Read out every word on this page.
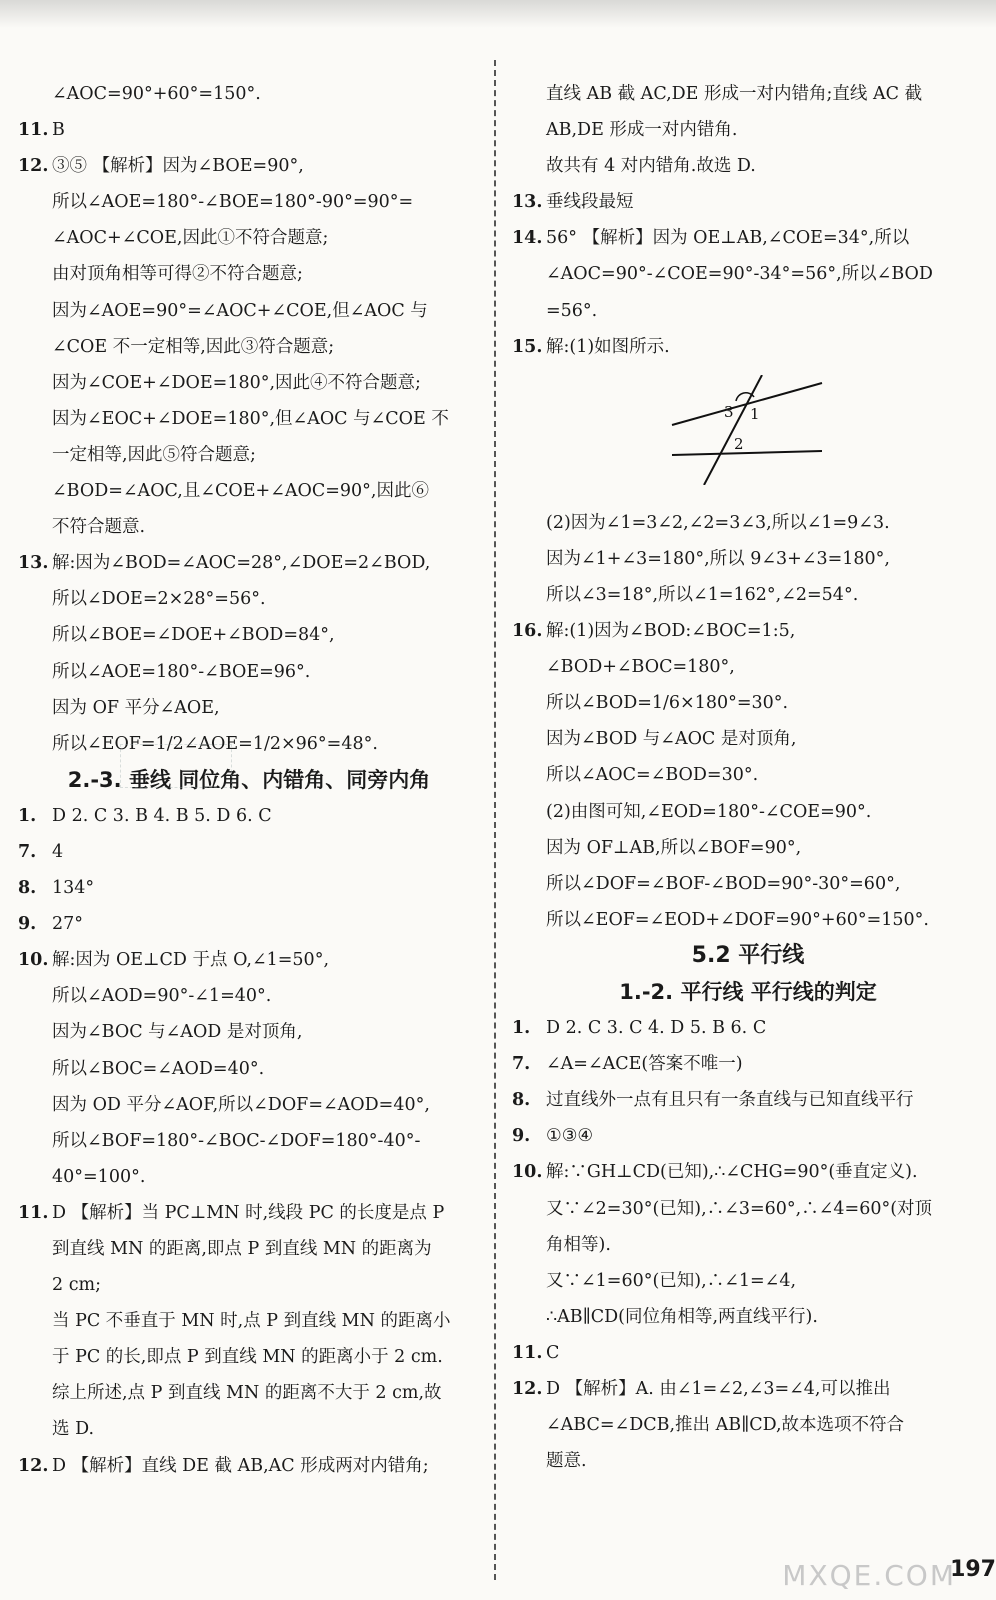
∠AOC=90°+60°=150°.
11. B
12. ③⑤ 【解析】因为∠BOE=90°,
所以∠AOE=180°-∠BOE=180°-90°=90°=
∠AOC+∠COE,因此①不符合题意;
由对顶角相等可得②不符合题意;
因为∠AOE=90°=∠AOC+∠COE,但∠AOC 与
∠COE 不一定相等,因此③符合题意;
因为∠COE+∠DOE=180°,因此④不符合题意;
因为∠EOC+∠DOE=180°,但∠AOC 与∠COE 不
一定相等,因此⑤符合题意;
∠BOD=∠AOC,且∠COE+∠AOC=90°,因此⑥
不符合题意.
13. 解:因为∠BOD=∠AOC=28°,∠DOE=2∠BOD,
所以∠DOE=2×28°=56°.
所以∠BOE=∠DOE+∠BOD=84°,
所以∠AOE=180°-∠BOE=96°.
因为 OF 平分∠AOE,
所以∠EOF=1/2∠AOE=1/2×96°=48°.
2.-3. 垂线 同位角、内错角、同旁内角
1. D 2. C 3. B 4. B 5. D 6. C
7. 4
8. 134°
9. 27°
10. 解:因为 OE⊥CD 于点 O,∠1=50°,
所以∠AOD=90°-∠1=40°.
因为∠BOC 与∠AOD 是对顶角,
所以∠BOC=∠AOD=40°.
因为 OD 平分∠AOF,所以∠DOF=∠AOD=40°,
所以∠BOF=180°-∠BOC-∠DOF=180°-40°-
40°=100°.
11. D 【解析】当 PC⊥MN 时,线段 PC 的长度是点 P
到直线 MN 的距离,即点 P 到直线 MN 的距离为
2 cm;
当 PC 不垂直于 MN 时,点 P 到直线 MN 的距离小
于 PC 的长,即点 P 到直线 MN 的距离小于 2 cm.
综上所述,点 P 到直线 MN 的距离不大于 2 cm,故
选 D.
12. D 【解析】直线 DE 截 AB,AC 形成两对内错角;
直线 AB 截 AC,DE 形成一对内错角;直线 AC 截
AB,DE 形成一对内错角.
故共有 4 对内错角.故选 D.
13. 垂线段最短
14. 56° 【解析】因为 OE⊥AB,∠COE=34°,所以
∠AOC=90°-∠COE=90°-34°=56°,所以∠BOD
=56°.
15. 解:(1)如图所示.
3 1
2
(2)因为∠1=3∠2,∠2=3∠3,所以∠1=9∠3.
因为∠1+∠3=180°,所以 9∠3+∠3=180°,
所以∠3=18°,所以∠1=162°,∠2=54°.
16. 解:(1)因为∠BOD:∠BOC=1:5,
∠BOD+∠BOC=180°,
所以∠BOD=1/6×180°=30°.
因为∠BOD 与∠AOC 是对顶角,
所以∠AOC=∠BOD=30°.
(2)由图可知,∠EOD=180°-∠COE=90°.
因为 OF⊥AB,所以∠BOF=90°,
所以∠DOF=∠BOF-∠BOD=90°-30°=60°,
所以∠EOF=∠EOD+∠DOF=90°+60°=150°.
5.2 平行线
1.-2. 平行线 平行线的判定
1. D 2. C 3. C 4. D 5. B 6. C
7. ∠A=∠ACE(答案不唯一)
8. 过直线外一点有且只有一条直线与已知直线平行
9. ①③④
10. 解:∵GH⊥CD(已知),∴∠CHG=90°(垂直定义).
又∵∠2=30°(已知),∴∠3=60°,∴∠4=60°(对顶
角相等).
又∵∠1=60°(已知),∴∠1=∠4,
∴AB∥CD(同位角相等,两直线平行).
11. C
12. D 【解析】A. 由∠1=∠2,∠3=∠4,可以推出
∠ABC=∠DCB,推出 AB∥CD,故本选项不符合
题意.
197
MXQE.COM
